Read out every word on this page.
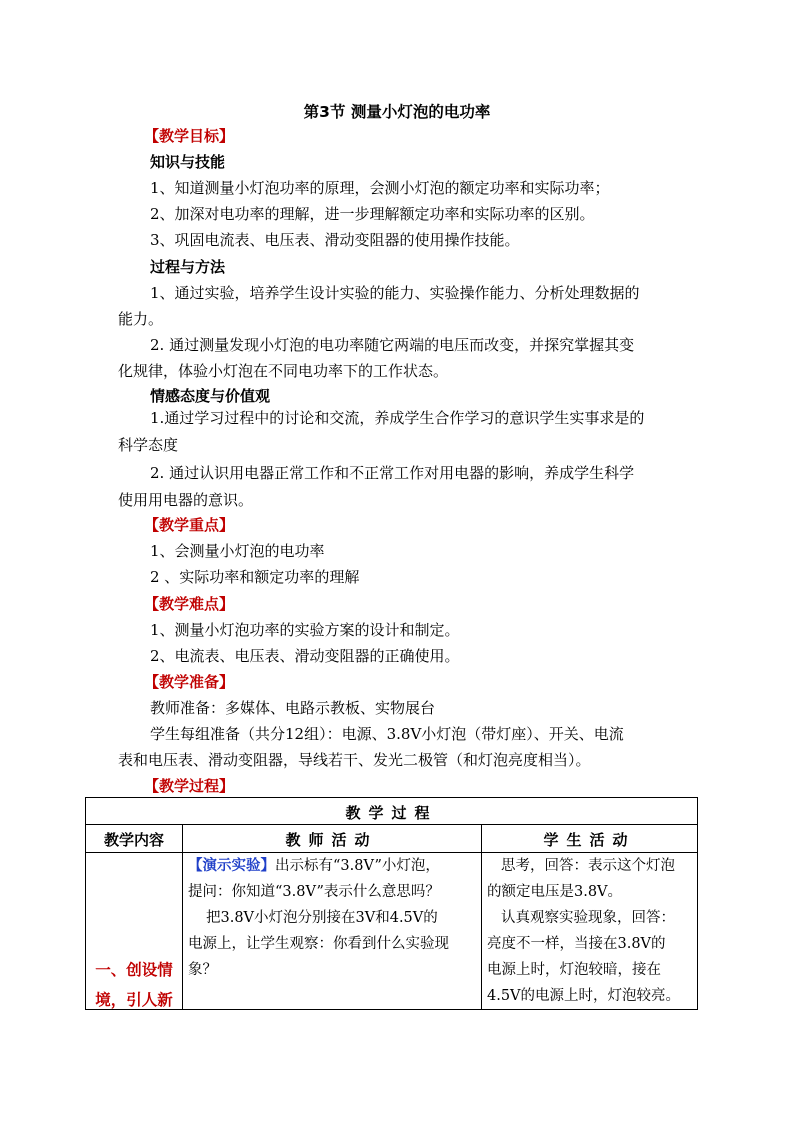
第3节 测量小灯泡的电功率
【教学目标】
知识与技能
1、知道测量小灯泡功率的原理，会测小灯泡的额定功率和实际功率；
2、加深对电功率的理解，进一步理解额定功率和实际功率的区别。
3、巩固电流表、电压表、滑动变阻器的使用操作技能。
过程与方法
1、通过实验，培养学生设计实验的能力、实验操作能力、分析处理数据的
能力。
2. 通过测量发现小灯泡的电功率随它两端的电压而改变，并探究掌握其变
化规律，体验小灯泡在不同电功率下的工作状态。
情感态度与价值观
1.通过学习过程中的讨论和交流，养成学生合作学习的意识学生实事求是的
科学态度
2. 通过认识用电器正常工作和不正常工作对用电器的影响，养成学生科学
使用用电器的意识。
【教学重点】
1、会测量小灯泡的电功率
2 、实际功率和额定功率的理解
【教学难点】
1、测量小灯泡功率的实验方案的设计和制定。
2、电流表、电压表、滑动变阻器的正确使用。
【教学准备】
教师准备：多媒体、电路示教板、实物展台
学生每组准备（共分12组）：电源、3.8V小灯泡（带灯座）、开关、电流
表和电压表、滑动变阻器，导线若干、发光二极管（和灯泡亮度相当）。
【教学过程】
教学过程
教学内容	教师活动	学生活动
一、创设情
境，引人新
【演示实验】出示标有“3.8V”小灯泡，
提问：你知道“3.8V”表示什么意思吗？
把3.8V小灯泡分别接在3V和4.5V的
电源上，让学生观察：你看到什么实验现
象？
思考，回答：表示这个灯泡
的额定电压是3.8V。
认真观察实验现象，回答：
亮度不一样，当接在3.8V的
电源上时，灯泡较暗，接在
4.5V的电源上时，灯泡较亮。
